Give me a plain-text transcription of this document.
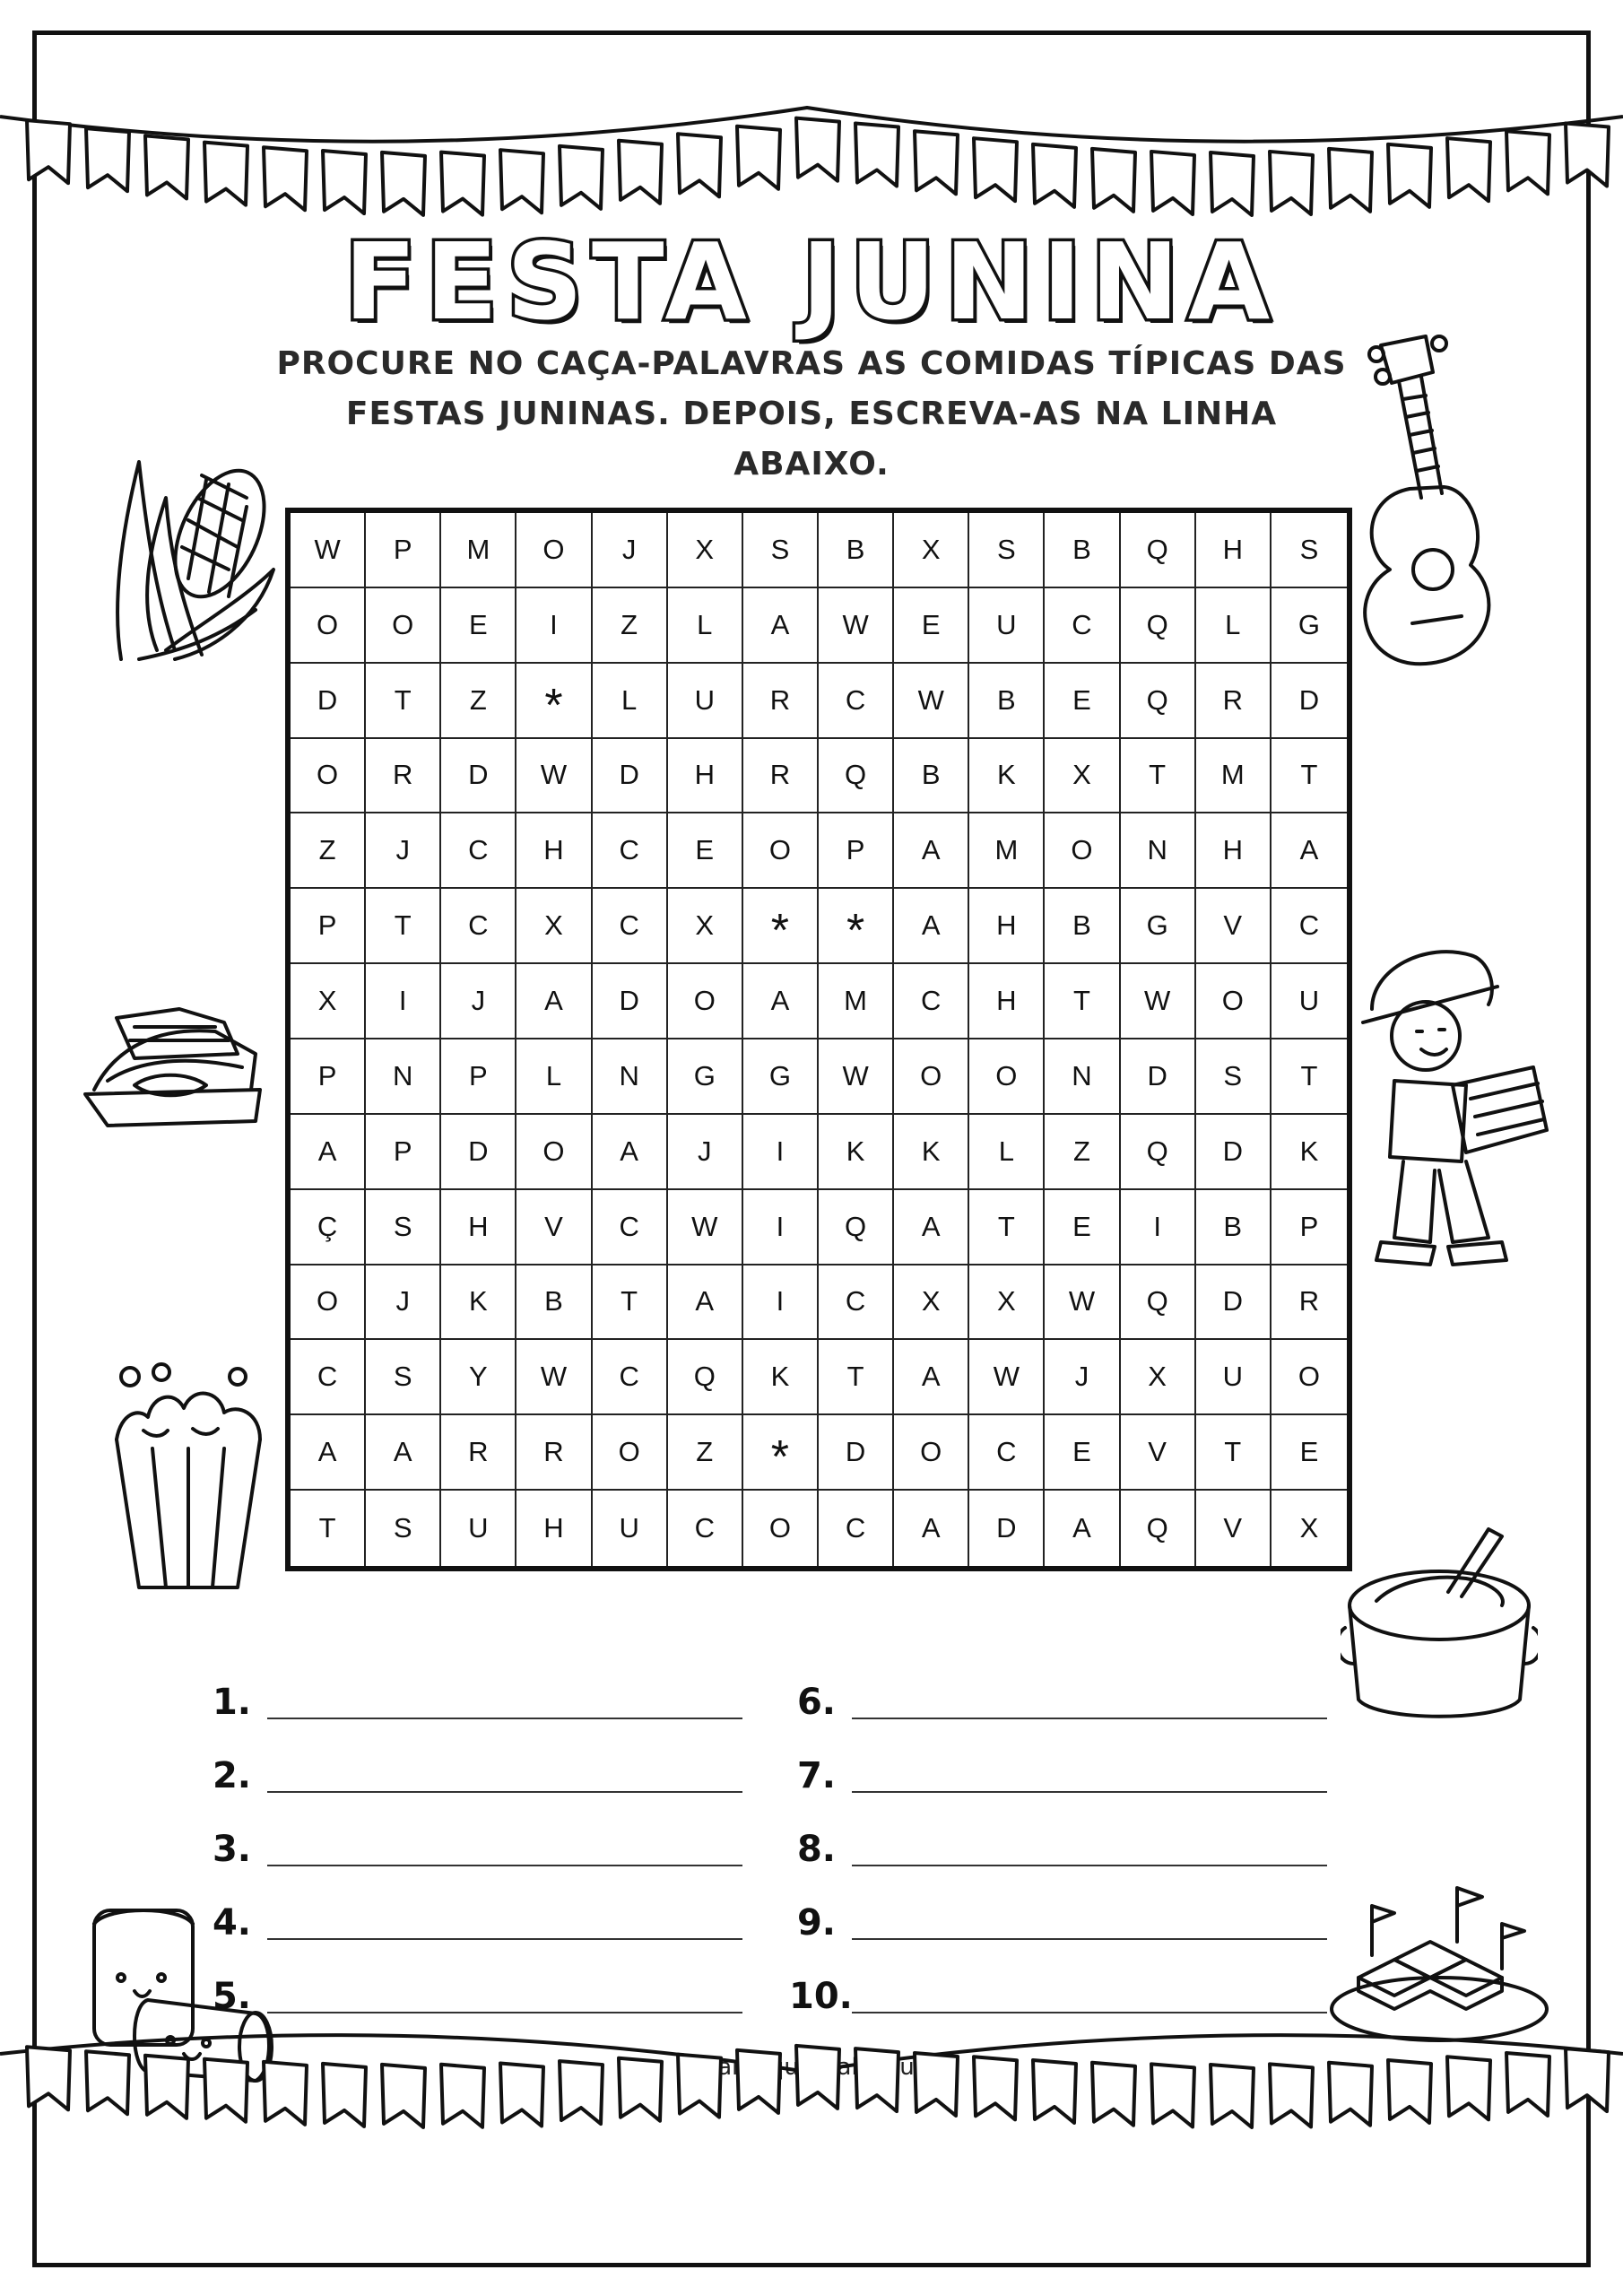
FESTA JUNINA
PROCURE NO CAÇA-PALAVRAS AS COMIDAS TÍPICAS DAS FESTAS JUNINAS. DEPOIS, ESCREVA-AS NA LINHA ABAIXO.
W	P	M	O	J	X	S	B	X	S	B	Q	H	S
O	O	E	I	Z	L	A	W	E	U	C	Q	L	G
D	T	Z	*	L	U	R	C	W	B	E	Q	R	D
O	R	D	W	D	H	R	Q	B	K	X	T	M	T
Z	J	C	H	C	E	O	P	A	M	O	N	H	A
P	T	C	X	C	X	*	*	A	H	B	G	V	C
X	I	J	A	D	O	A	M	C	H	T	W	O	U
P	N	P	L	N	G	G	W	O	O	N	D	S	T
A	P	D	O	A	J	I	K	K	L	Z	Q	D	K
Ç	S	H	V	C	W	I	Q	A	T	E	I	B	P
O	J	K	B	T	A	I	C	X	X	W	Q	D	R
C	S	Y	W	C	Q	K	T	A	W	J	X	U	O
A	A	R	R	O	Z	*	D	O	C	E	V	T	E
T	S	U	H	U	C	O	C	A	D	A	Q	V	X
1.
2.
3.
4.
5.
6.
7.
8.
9.
10.
